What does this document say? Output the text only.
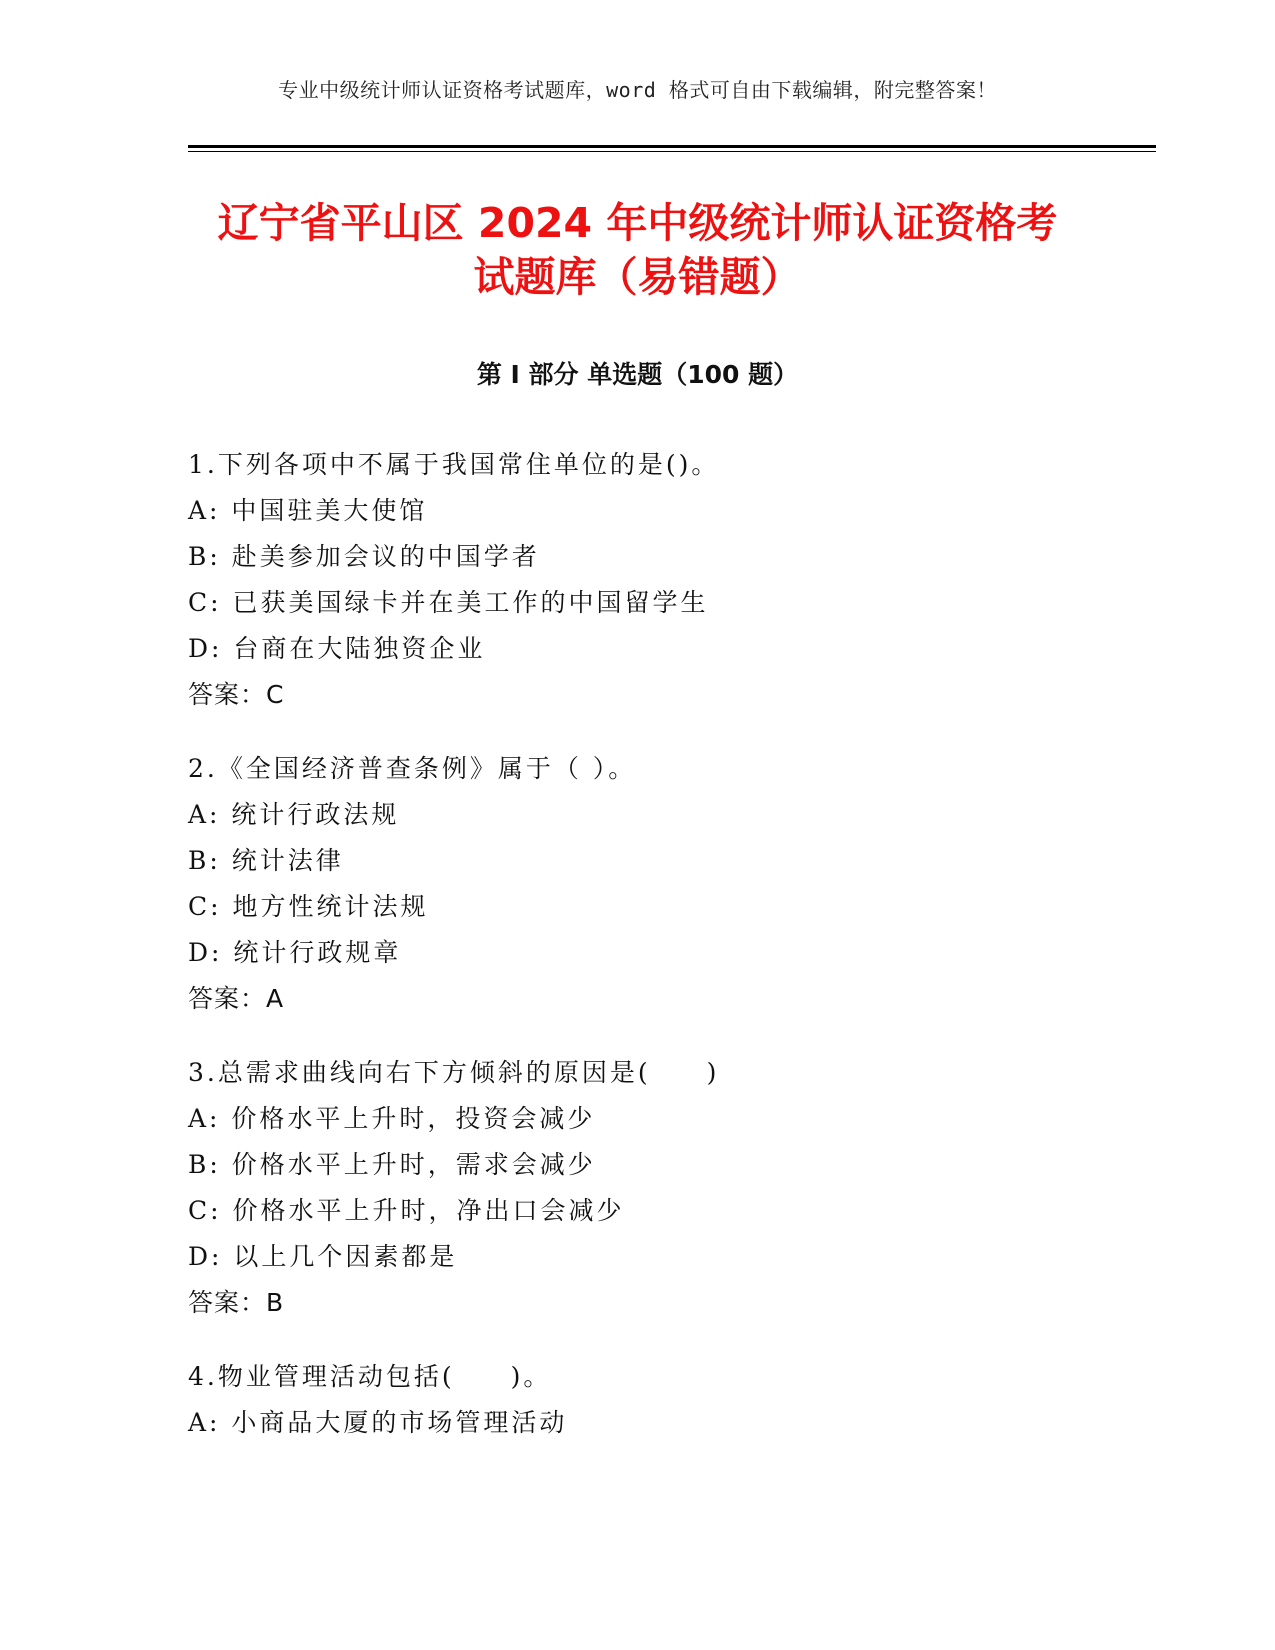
专业中级统计师认证资格考试题库，word 格式可自由下载编辑，附完整答案！
辽宁省平山区 2024 年中级统计师认证资格考
试题库（易错题）
第 I 部分 单选题（100 题）
1.下列各项中不属于我国常住单位的是()。
A: 中国驻美大使馆
B: 赴美参加会议的中国学者
C: 已获美国绿卡并在美工作的中国留学生
D: 台商在大陆独资企业
答案：C
2.《全国经济普查条例》属于（ ）。
A: 统计行政法规
B: 统计法律
C: 地方性统计法规
D: 统计行政规章
答案：A
3.总需求曲线向右下方倾斜的原因是(　　)
A: 价格水平上升时，投资会减少
B: 价格水平上升时，需求会减少
C: 价格水平上升时，净出口会减少
D: 以上几个因素都是
答案：B
4.物业管理活动包括(　　)。
A: 小商品大厦的市场管理活动
